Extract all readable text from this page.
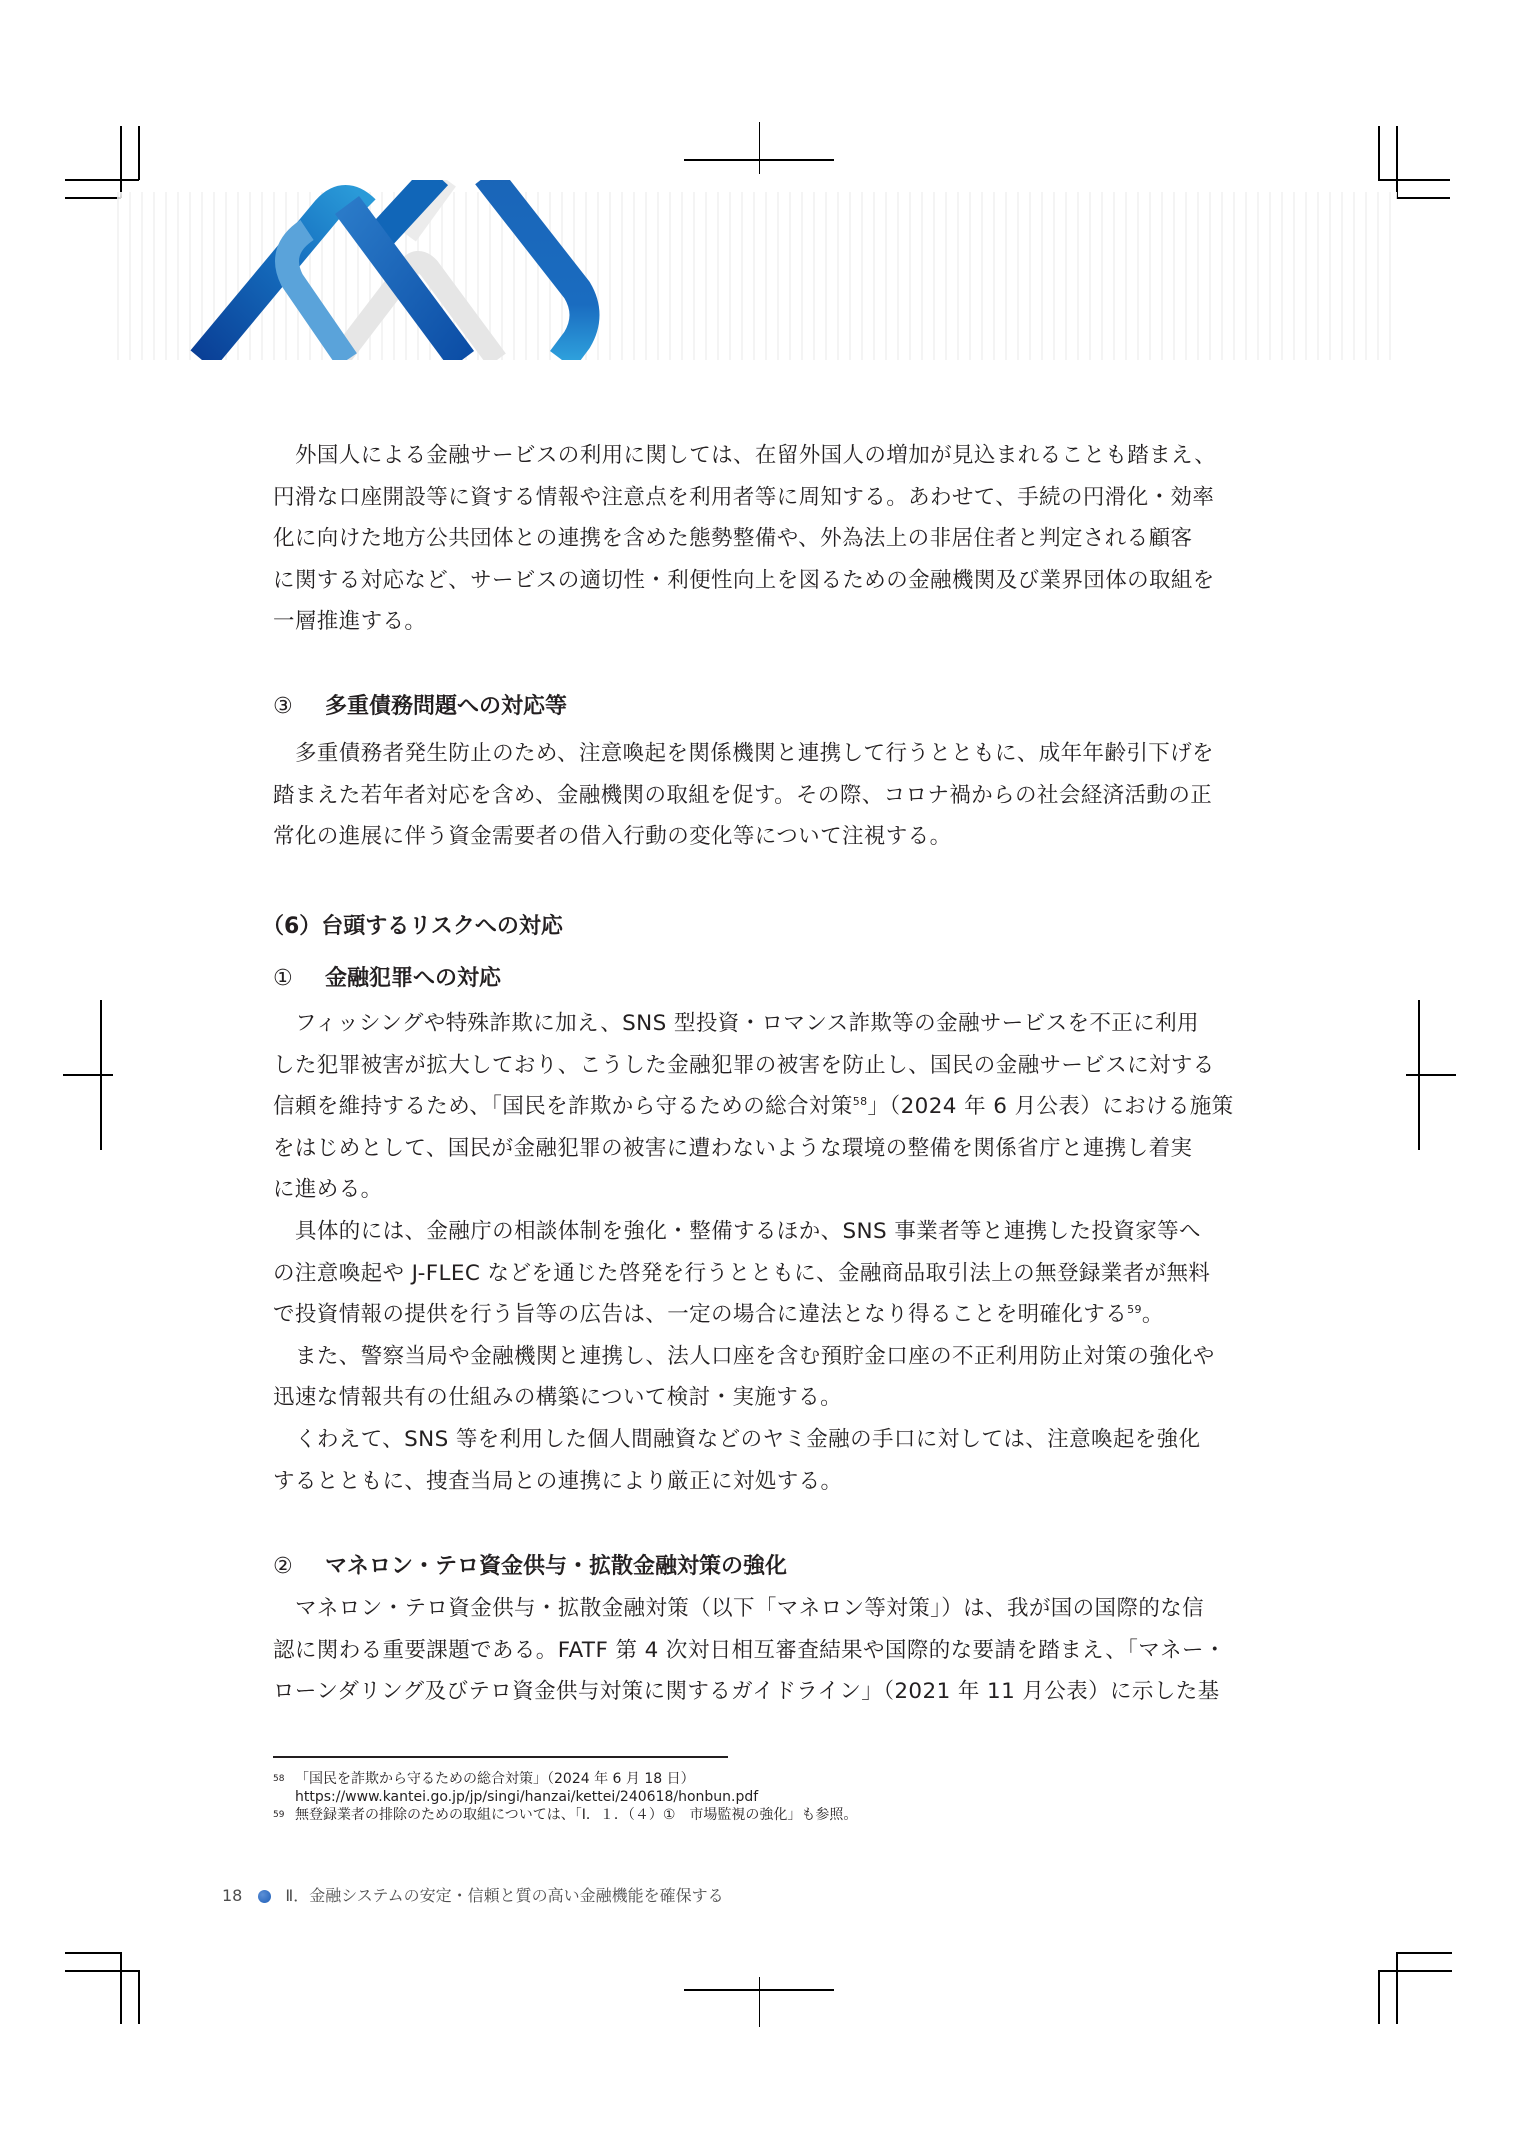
外国人による金融サービスの利用に関しては、在留外国人の増加が見込まれることも踏まえ、
円滑な口座開設等に資する情報や注意点を利用者等に周知する。あわせて、手続の円滑化・効率
化に向けた地方公共団体との連携を含めた態勢整備や、外為法上の非居住者と判定される顧客
に関する対応など、サービスの適切性・利便性向上を図るための金融機関及び業界団体の取組を
一層推進する。

③ 多重債務問題への対応等

多重債務者発生防止のため、注意喚起を関係機関と連携して行うとともに、成年年齢引下げを
踏まえた若年者対応を含め、金融機関の取組を促す。その際、コロナ禍からの社会経済活動の正
常化の進展に伴う資金需要者の借入行動の変化等について注視する。

（6）台頭するリスクへの対応
① 金融犯罪への対応

フィッシングや特殊詐欺に加え、SNS 型投資・ロマンス詐欺等の金融サービスを不正に利用
した犯罪被害が拡大しており、こうした金融犯罪の被害を防止し、国民の金融サービスに対する
信頼を維持するため、「国民を詐欺から守るための総合対策$^{58}$」（2024 年 6 月公表）における施策
をはじめとして、国民が金融犯罪の被害に遭わないような環境の整備を関係省庁と連携し着実
に進める。
具体的には、金融庁の相談体制を強化・整備するほか、SNS 事業者等と連携した投資家等へ
の注意喚起や J-FLEC などを通じた啓発を行うとともに、金融商品取引法上の無登録業者が無料
で投資情報の提供を行う旨等の広告は、一定の場合に違法となり得ることを明確化する$^{59}$。
また、警察当局や金融機関と連携し、法人口座を含む預貯金口座の不正利用防止対策の強化や
迅速な情報共有の仕組みの構築について検討・実施する。
くわえて、SNS 等を利用した個人間融資などのヤミ金融の手口に対しては、注意喚起を強化
するとともに、捜査当局との連携により厳正に対処する。

② マネロン・テロ資金供与・拡散金融対策の強化

マネロン・テロ資金供与・拡散金融対策（以下「マネロン等対策」）は、我が国の国際的な信
認に関わる重要課題である。FATF 第 4 次対日相互審査結果や国際的な要請を踏まえ、「マネー・
ローンダリング及びテロ資金供与対策に関するガイドライン」（2021 年 11 月公表）に示した基

58 「国民を詐欺から守るための総合対策」（2024 年 6 月 18 日）
https://www.kantei.go.jp/jp/singi/hanzai/kettei/240618/honbun.pdf
59 無登録業者の排除のための取組については、「Ⅰ．１．（４）①　市場監視の強化」も参照。
18	Ⅱ．金融システムの安定・信頼と質の高い金融機能を確保する
